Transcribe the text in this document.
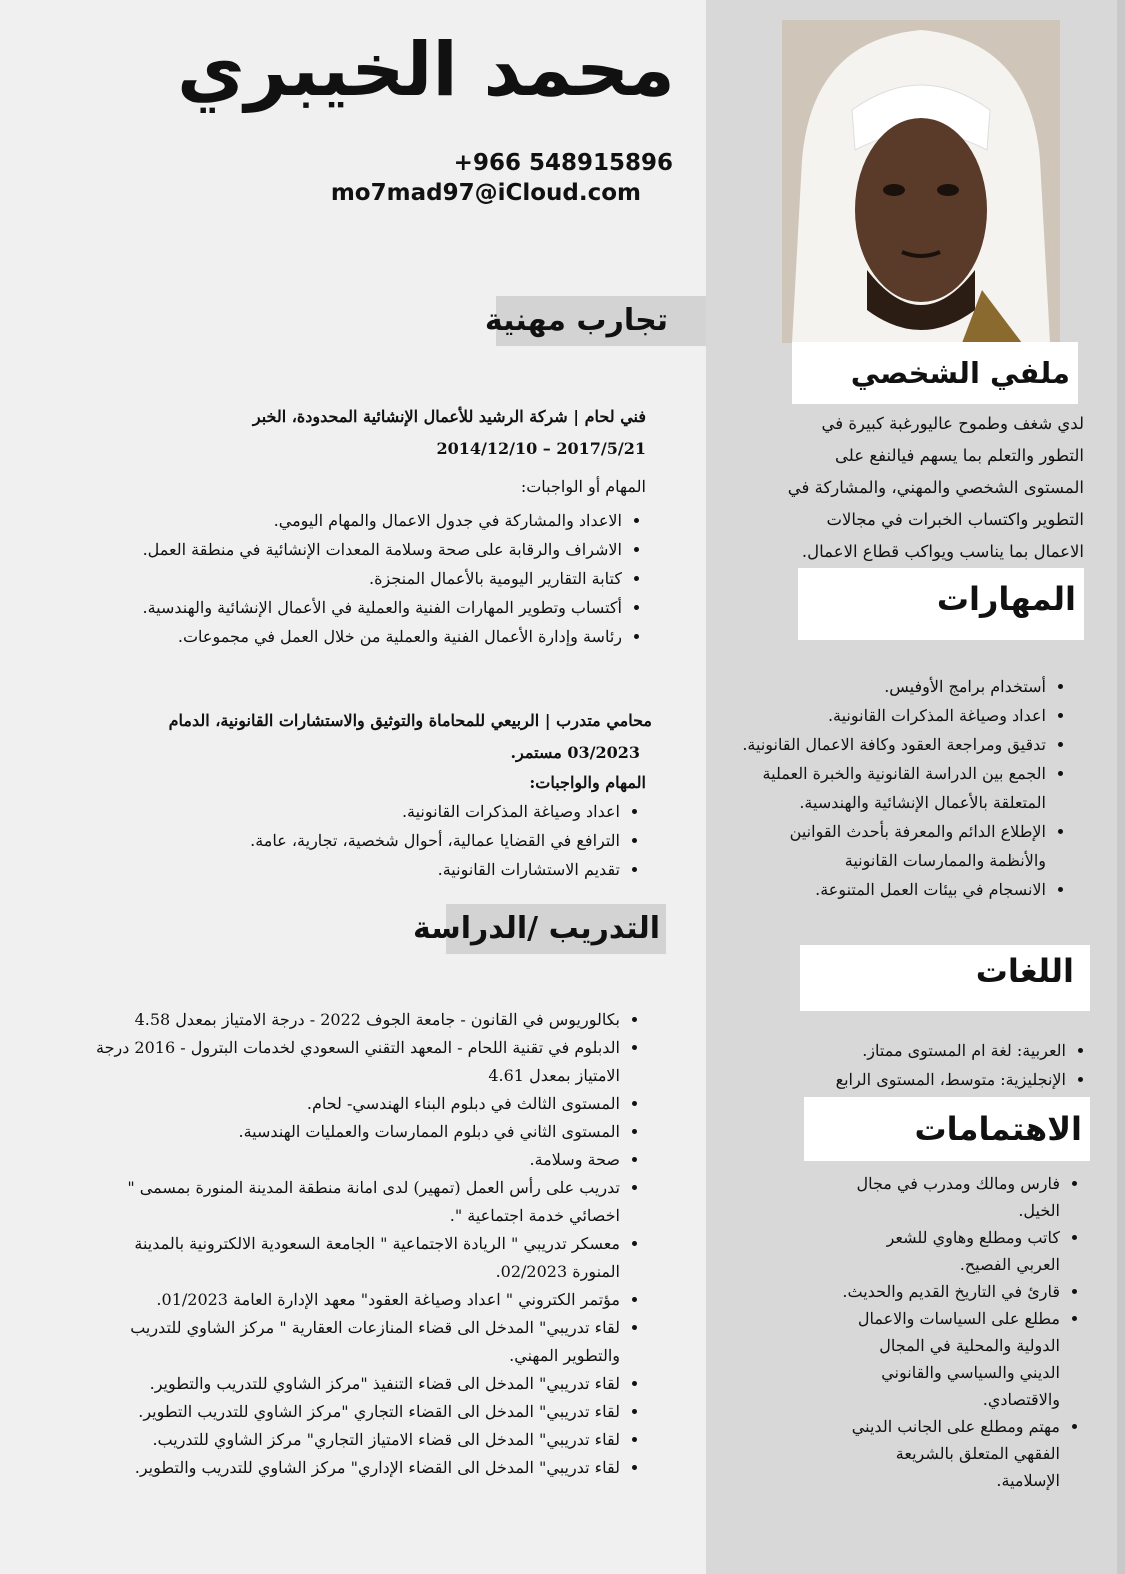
محمد الخيبري
+966 548915896
mo7mad97@iCloud.com
ملفي الشخصي
لدي شغف وطموح عاليورغبة كبيرة في التطور والتعلم بما يسهم فيالنفع على المستوى الشخصي والمهني، والمشاركة في التطوير واكتساب الخبرات في مجالات الاعمال بما يناسب ويواكب قطاع الاعمال.
المهارات
• أستخدام برامج الأوفيس.
• اعداد وصياغة المذكرات القانونية.
• تدقيق ومراجعة العقود وكافة الاعمال القانونية.
• الجمع بين الدراسة القانونية والخبرة العملية المتعلقة بالأعمال الإنشائية والهندسية.
• الإطلاع الدائم والمعرفة بأحدث القوانين والأنظمة والممارسات القانونية
• الانسجام في بيئات العمل المتنوعة.
اللغات
• العربية: لغة ام المستوى ممتاز.
• الإنجليزية: متوسط، المستوى الرابع
الاهتمامات
• فارس ومالك ومدرب في مجال الخيل.
• كاتب ومطلع وهاوي للشعر العربي الفصيح.
• قارئ في التاريخ القديم والحديث.
• مطلع على السياسات والاعمال الدولية والمحلية في المجال الديني والسياسي والقانوني والاقتصادي.
• مهتم ومطلع على الجانب الديني الفقهي المتعلق بالشريعة الإسلامية.
تجارب مهنية
فني لحام | شركة الرشيد للأعمال الإنشائية المحدودة، الخبر
2014/12/10 – 2017/5/21
المهام أو الواجبات:
• الاعداد والمشاركة في جدول الاعمال والمهام اليومي.
• الاشراف والرقابة على صحة وسلامة المعدات الإنشائية في منطقة العمل.
• كتابة التقارير اليومية بالأعمال المنجزة.
• أكتساب وتطوير المهارات الفنية والعملية في الأعمال الإنشائية والهندسية.
• رئاسة وإدارة الأعمال الفنية والعملية من خلال العمل في مجموعات.
محامي متدرب | الربيعي للمحاماة والتوثيق والاستشارات القانونية، الدمام
03/2023 مستمر.
المهام والواجبات:
• اعداد وصياغة المذكرات القانونية.
• الترافع في القضايا عمالية، أحوال شخصية، تجارية، عامة.
• تقديم الاستشارات القانونية.
التدريب /الدراسة
• بكالوريوس في القانون - جامعة الجوف 2022 - درجة الامتياز بمعدل 4.58
• الدبلوم في تقنية اللحام - المعهد التقني السعودي لخدمات البترول - 2016 درجة الامتياز بمعدل 4.61
• المستوى الثالث في دبلوم البناء الهندسي- لحام.
• المستوى الثاني في دبلوم الممارسات والعمليات الهندسية.
• صحة وسلامة.
• تدريب على رأس العمل (تمهير) لدى امانة منطقة المدينة المنورة بمسمى " اخصائي خدمة اجتماعية ".
• معسكر تدريبي " الريادة الاجتماعية " الجامعة السعودية الالكترونية بالمدينة المنورة 02/2023.
• مؤتمر الكتروني " اعداد وصياغة العقود" معهد الإدارة العامة 01/2023.
• لقاء تدريبي" المدخل الى قضاء المنازعات العقارية " مركز الشاوي للتدريب والتطوير المهني.
• لقاء تدريبي" المدخل الى قضاء التنفيذ "مركز الشاوي للتدريب والتطوير.
• لقاء تدريبي" المدخل الى القضاء التجاري "مركز الشاوي للتدريب التطوير.
• لقاء تدريبي" المدخل الى قضاء الامتياز التجاري" مركز الشاوي للتدريب.
• لقاء تدريبي" المدخل الى القضاء الإداري" مركز الشاوي للتدريب والتطوير.
